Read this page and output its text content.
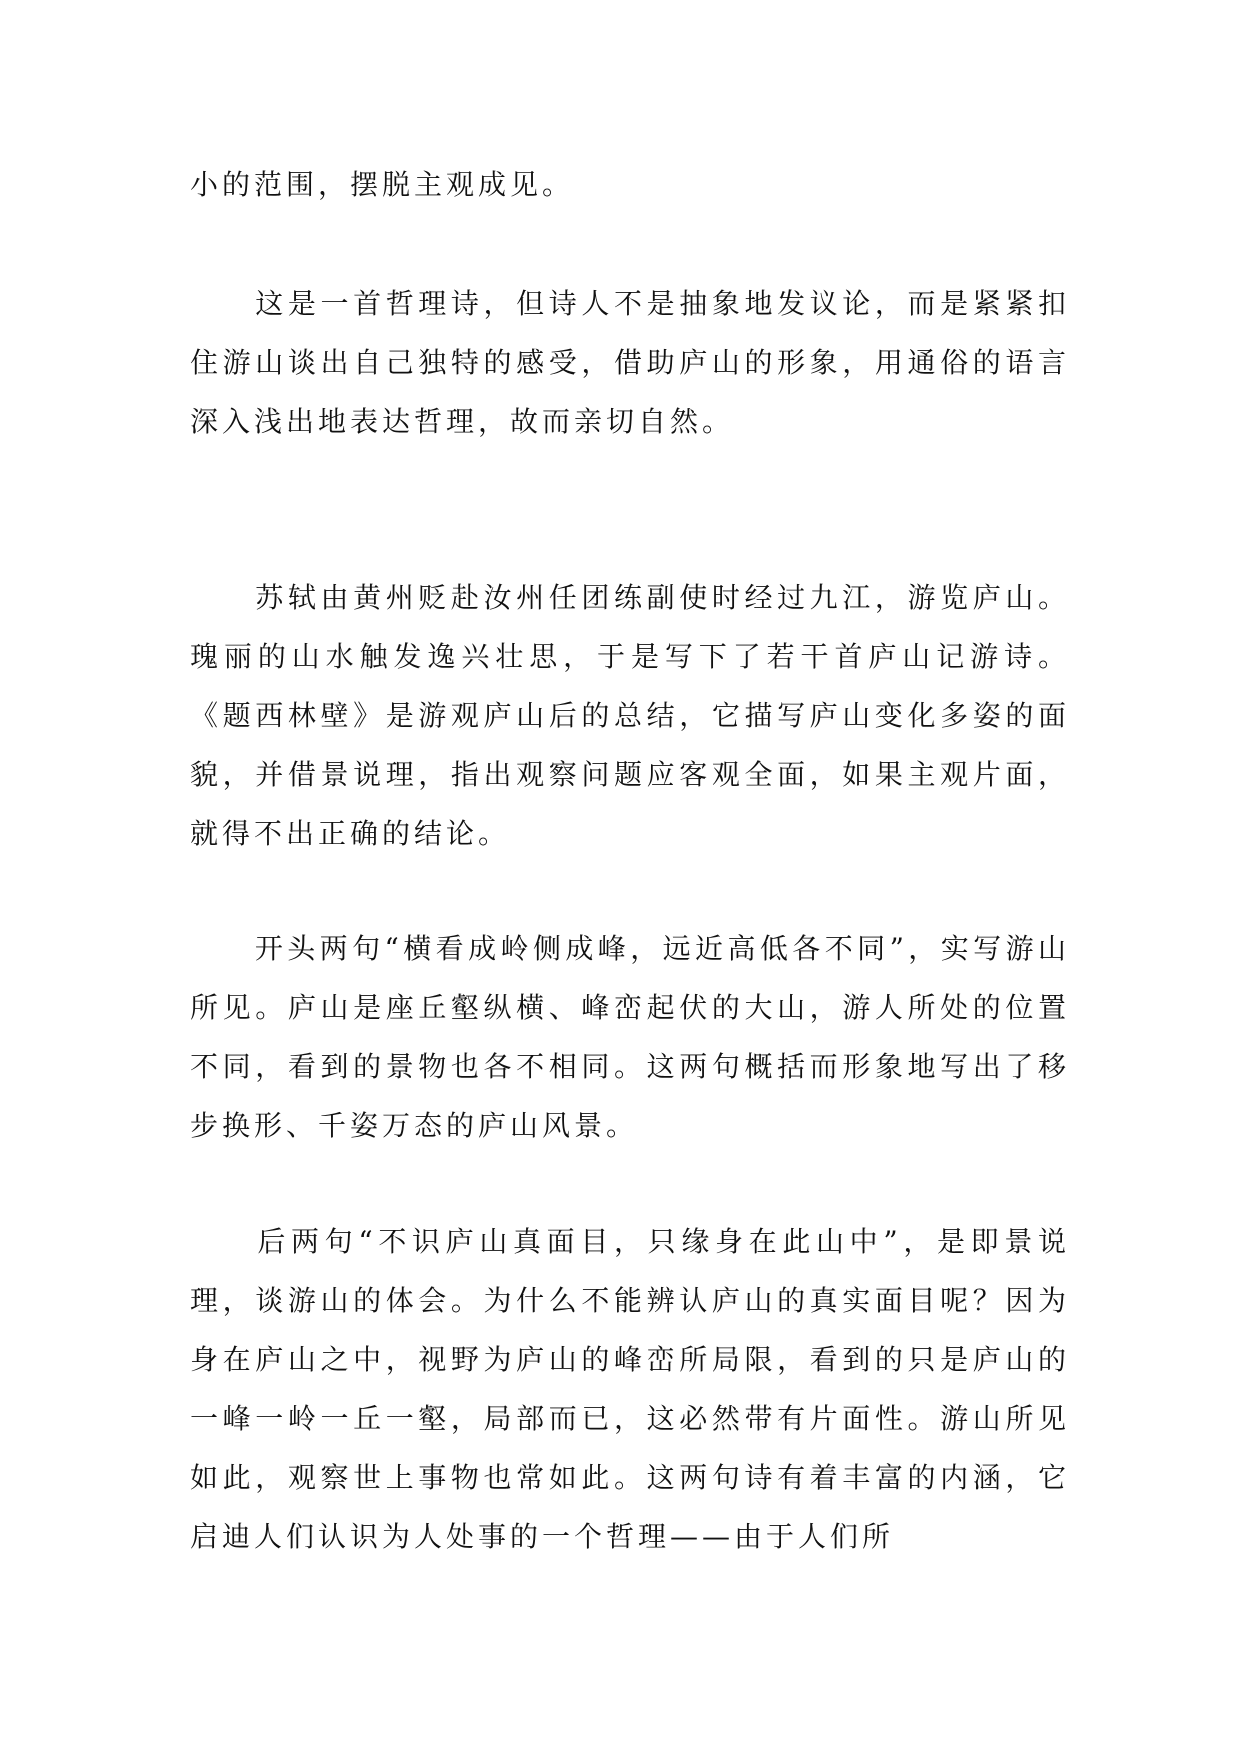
小的范围，摆脱主观成见。
　　这是一首哲理诗，但诗人不是抽象地发议论，而是紧紧扣住游山谈出自己独特的感受，借助庐山的形象，用通俗的语言深入浅出地表达哲理，故而亲切自然。
　　苏轼由黄州贬赴汝州任团练副使时经过九江，游览庐山。瑰丽的山水触发逸兴壮思，于是写下了若干首庐山记游诗。《题西林壁》是游观庐山后的总结，它描写庐山变化多姿的面貌，并借景说理，指出观察问题应客观全面，如果主观片面，就得不出正确的结论。
　　开头两句“横看成岭侧成峰，远近高低各不同”，实写游山所见。庐山是座丘壑纵横、峰峦起伏的大山，游人所处的位置不同，看到的景物也各不相同。这两句概括而形象地写出了移步换形、千姿万态的庐山风景。
　　后两句“不识庐山真面目，只缘身在此山中”，是即景说理，谈游山的体会。为什么不能辨认庐山的真实面目呢？因为身在庐山之中，视野为庐山的峰峦所局限，看到的只是庐山的一峰一岭一丘一壑，局部而已，这必然带有片面性。游山所见如此，观察世上事物也常如此。这两句诗有着丰富的内涵，它启迪人们认识为人处事的一个哲理——由于人们所
